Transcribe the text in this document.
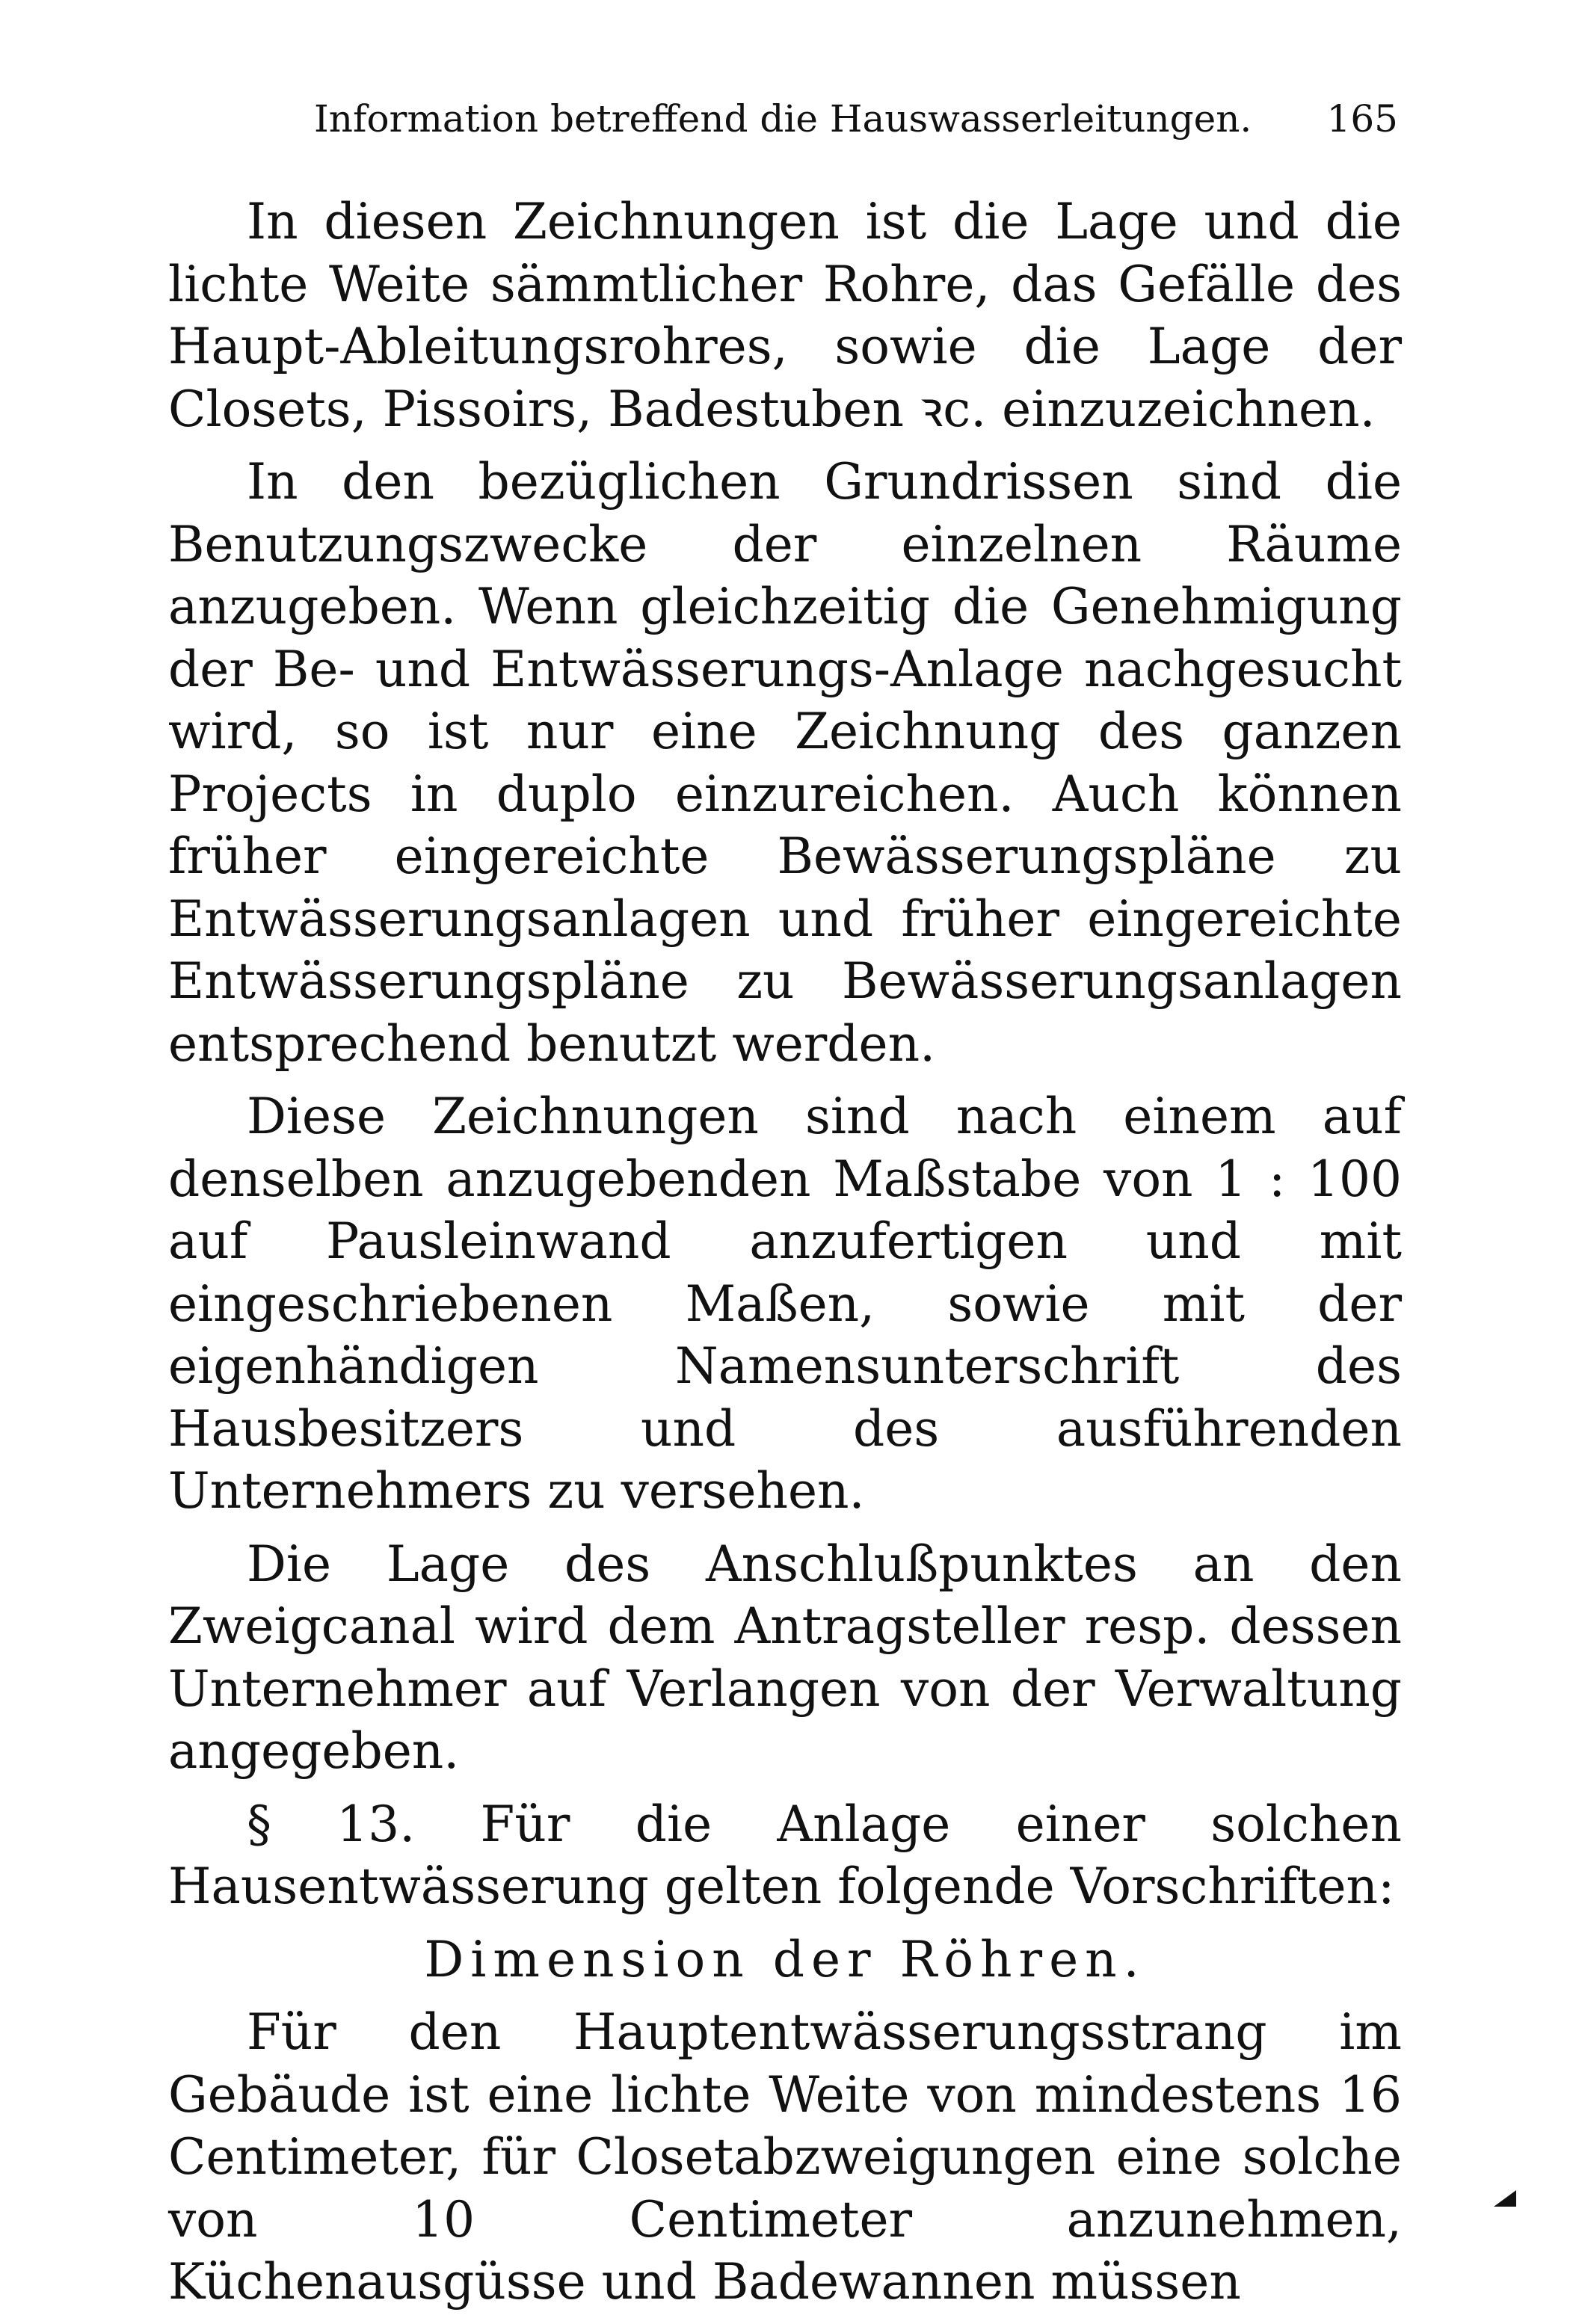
Information betreffend die Hauswasserleitungen. 165

In diesen Zeichnungen ist die Lage und die lichte Weite sämmtlicher Rohre, das Gefälle des Haupt-Ableitungsrohres, sowie die Lage der Closets, Pissoirs, Badestuben ꝛc. einzuzeichnen.

In den bezüglichen Grundrissen sind die Benutzungszwecke der einzelnen Räume anzugeben. Wenn gleichzeitig die Genehmigung der Be- und Entwässerungs-Anlage nachgesucht wird, so ist nur eine Zeichnung des ganzen Projects in duplo einzureichen. Auch können früher eingereichte Bewässerungspläne zu Entwässerungsanlagen und früher eingereichte Entwässerungspläne zu Bewässerungsanlagen entsprechend benutzt werden.

Diese Zeichnungen sind nach einem auf denselben anzugebenden Maßstabe von 1 : 100 auf Pausleinwand anzufertigen und mit eingeschriebenen Maßen, sowie mit der eigenhändigen Namensunterschrift des Hausbesitzers und des ausführenden Unternehmers zu versehen.

Die Lage des Anschlußpunktes an den Zweigcanal wird dem Antragsteller resp. dessen Unternehmer auf Verlangen von der Verwaltung angegeben.

§ 13. Für die Anlage einer solchen Hausentwässerung gelten folgende Vorschriften:

Dimension der Röhren.

Für den Hauptentwässerungsstrang im Gebäude ist eine lichte Weite von mindestens 16 Centimeter, für Closetabzweigungen eine solche von 10 Centimeter anzunehmen, Küchenausgüsse und Badewannen müssen
